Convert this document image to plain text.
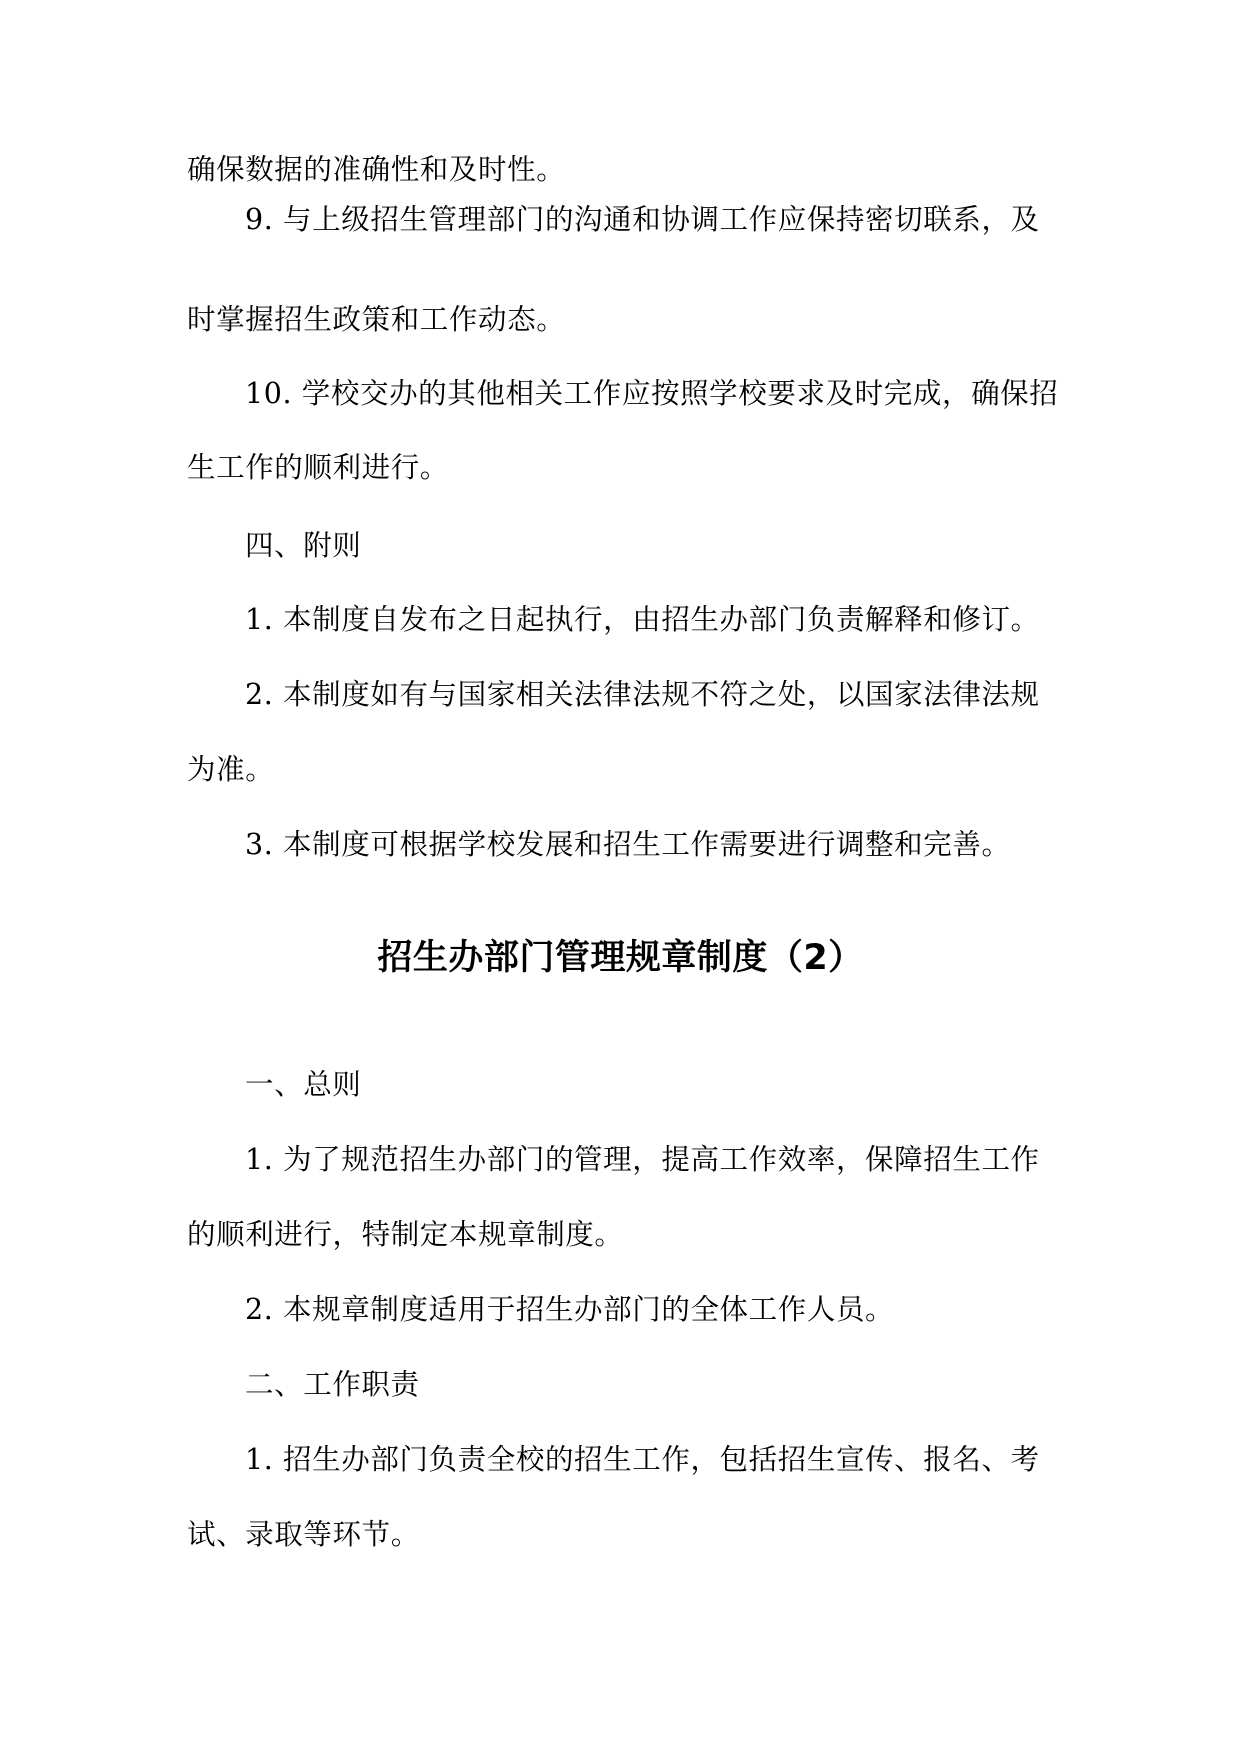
确保数据的准确性和及时性。
9. 与上级招生管理部门的沟通和协调工作应保持密切联系，及
时掌握招生政策和工作动态。
10. 学校交办的其他相关工作应按照学校要求及时完成，确保招
生工作的顺利进行。
四、附则
1. 本制度自发布之日起执行，由招生办部门负责解释和修订。
2. 本制度如有与国家相关法律法规不符之处，以国家法律法规
为准。
3. 本制度可根据学校发展和招生工作需要进行调整和完善。
招生办部门管理规章制度（2）
一、总则
1. 为了规范招生办部门的管理，提高工作效率，保障招生工作
的顺利进行，特制定本规章制度。
2. 本规章制度适用于招生办部门的全体工作人员。
二、工作职责
1. 招生办部门负责全校的招生工作，包括招生宣传、报名、考
试、录取等环节。
